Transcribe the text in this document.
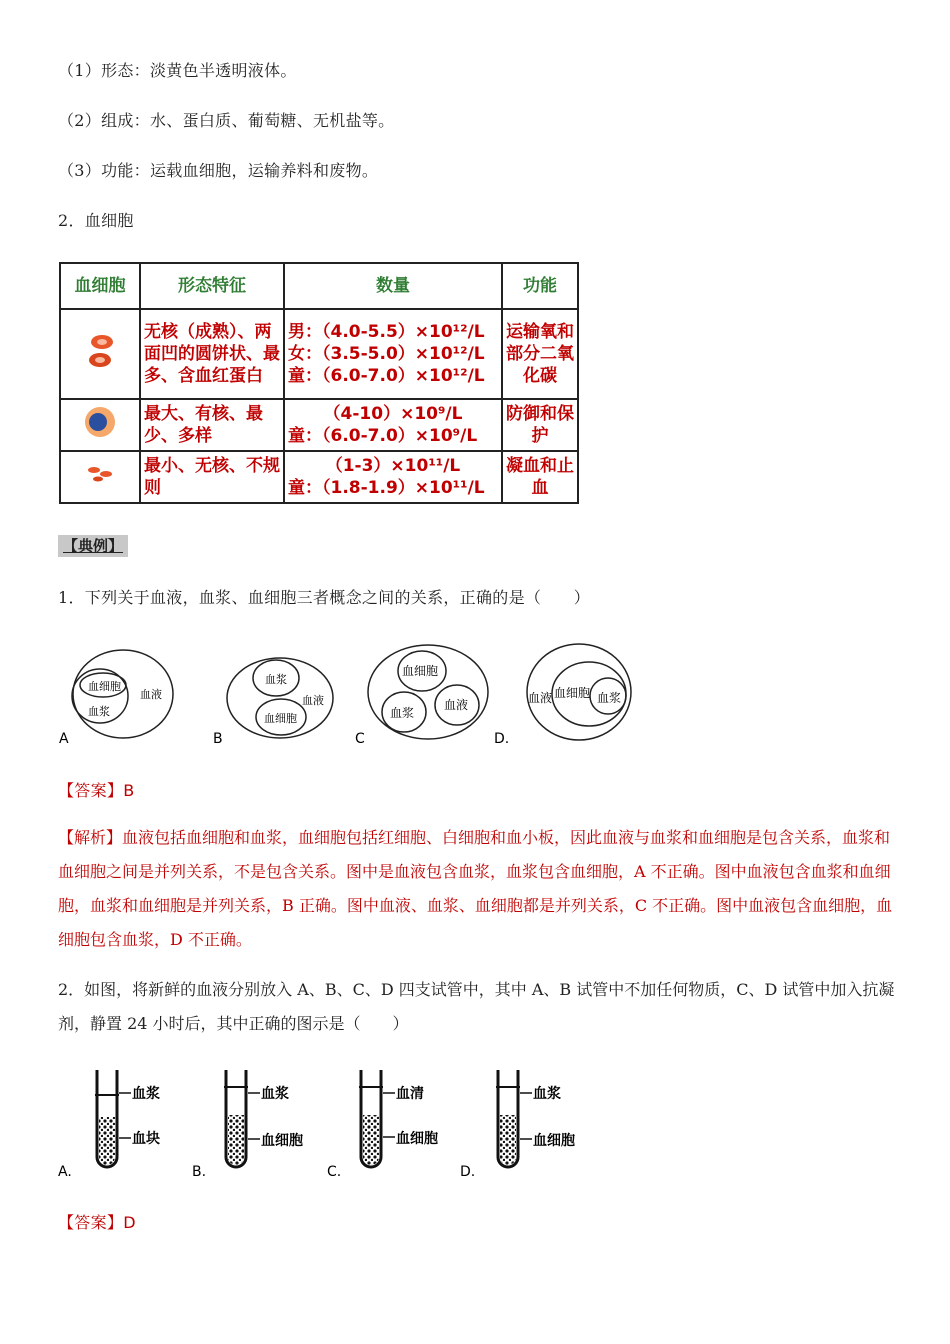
（1）形态：淡黄色半透明液体。
（2）组成：水、蛋白质、葡萄糖、无机盐等。
（3）功能：运载血细胞，运输养料和废物。
2．血细胞
血细胞	形态特征	数量	功能
	无核（成熟）、两面凹的圆饼状、最多、含血红蛋白	男：（4.0-5.5）×10¹²/L
女：（3.5-5.0）×10¹²/L
童：（6.0-7.0）×10¹²/L	运输氧和部分二氧化碳
	最大、有核、最少、多样	（4-10）×10⁹/L
童：（6.0-7.0）×10⁹/L	防御和保护
	最小、无核、不规则	（1-3）×10¹¹/L
童：（1.8-1.9）×10¹¹/L	凝血和止血
【典例】
1．下列关于血液，血浆、血细胞三者概念之间的关系，正确的是（　　）
血细胞
血浆
血液
A
血浆
血细胞
血液
B
血细胞
血浆
血液
C
血液 血细胞 血浆
D.
【答案】B
【解析】血液包括血细胞和血浆，血细胞包括红细胞、白细胞和血小板，因此血液与血浆和血细胞是包含关系，血浆和血细胞之间是并列关系，不是包含关系。图中是血液包含血浆，血浆包含血细胞，A 不正确。图中血液包含血浆和血细胞，血浆和血细胞是并列关系，B 正确。图中血液、血浆、血细胞都是并列关系，C 不正确。图中血液包含血细胞，血细胞包含血浆，D 不正确。
2．如图，将新鲜的血液分别放入 A、B、C、D 四支试管中，其中 A、B 试管中不加任何物质，C、D 试管中加入抗凝剂，静置 24 小时后，其中正确的图示是（　　）
血浆
血块
A.
血浆
血细胞
B.
血清
血细胞
C.
血浆
血细胞
D.
【答案】D
